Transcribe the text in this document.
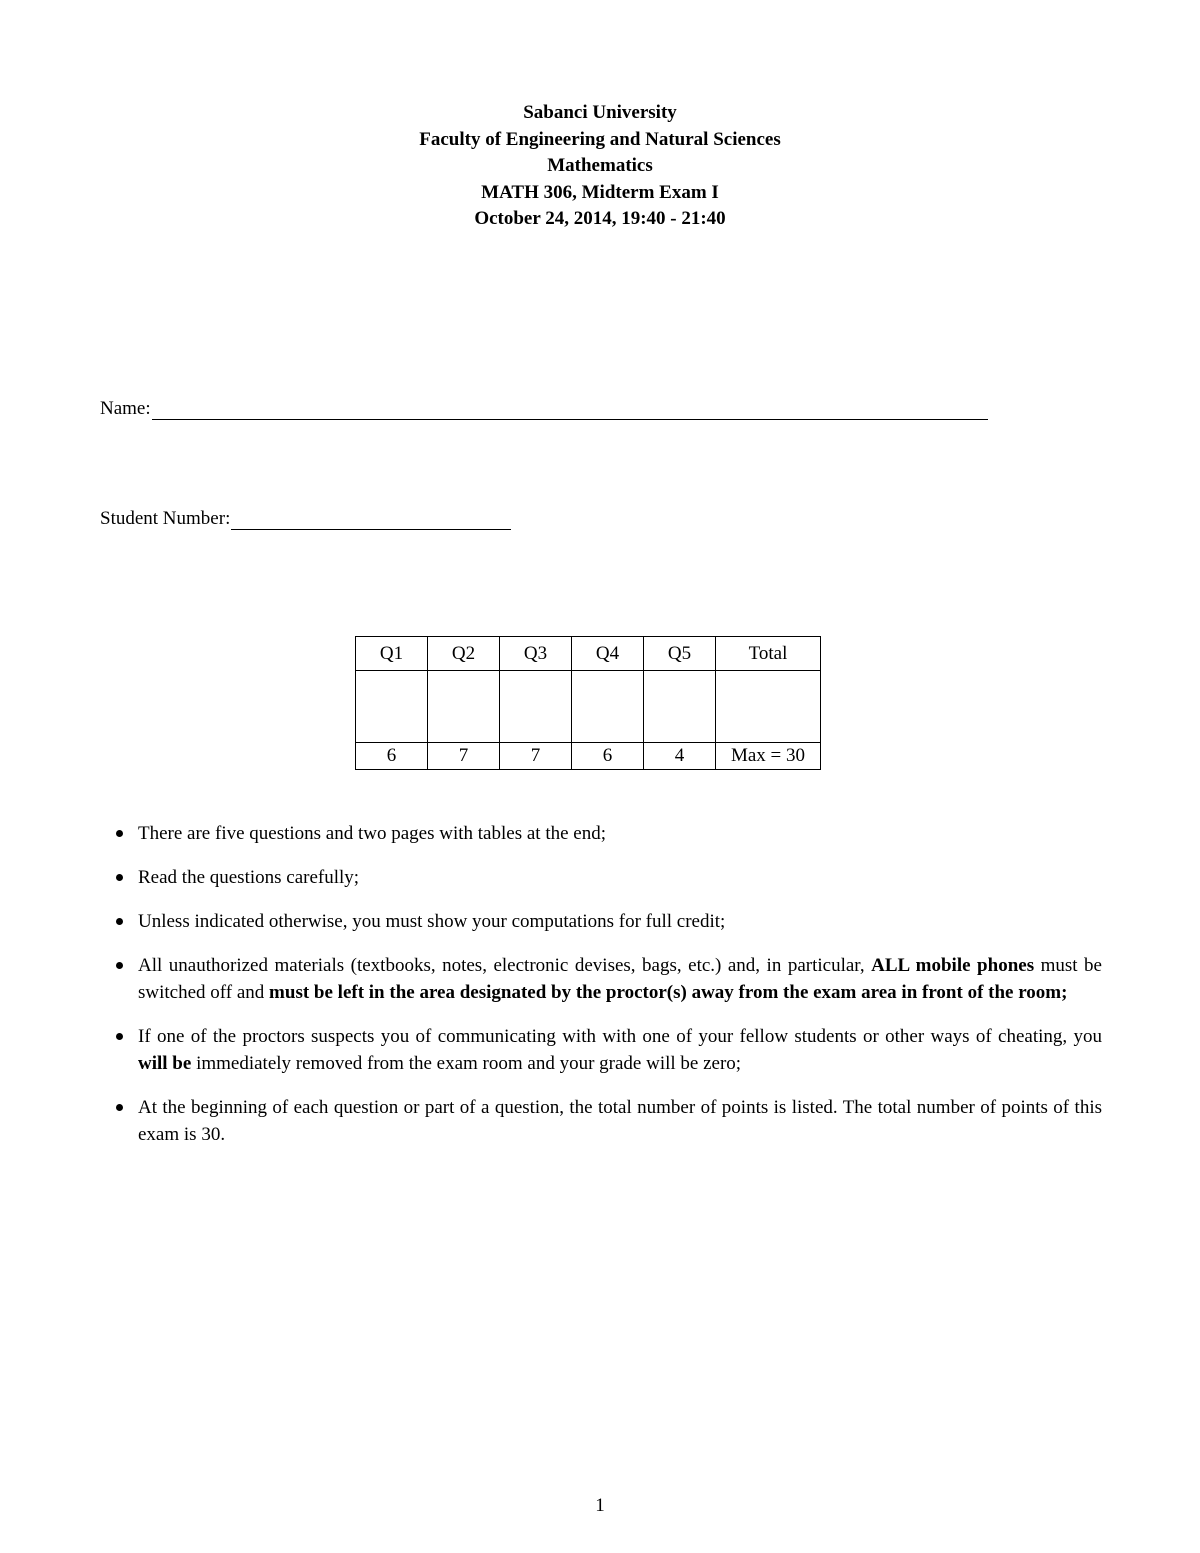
Sabanci University
Faculty of Engineering and Natural Sciences
Mathematics
MATH 306, Midterm Exam I
October 24, 2014, 19:40 - 21:40
Name:
Student Number:
Q1	Q2	Q3	Q4	Q5	Total

6	7	7	6	4	Max = 30
There are five questions and two pages with tables at the end;
Read the questions carefully;
Unless indicated otherwise, you must show your computations for full credit;
All unauthorized materials (textbooks, notes, electronic devises, bags, etc.) and, in particular, ALL mobile phones must be switched off and must be left in the area designated by the proctor(s) away from the exam area in front of the room;
If one of the proctors suspects you of communicating with with one of your fellow students or other ways of cheating, you will be immediately removed from the exam room and your grade will be zero;
At the beginning of each question or part of a question, the total number of points is listed. The total number of points of this exam is 30.
1
